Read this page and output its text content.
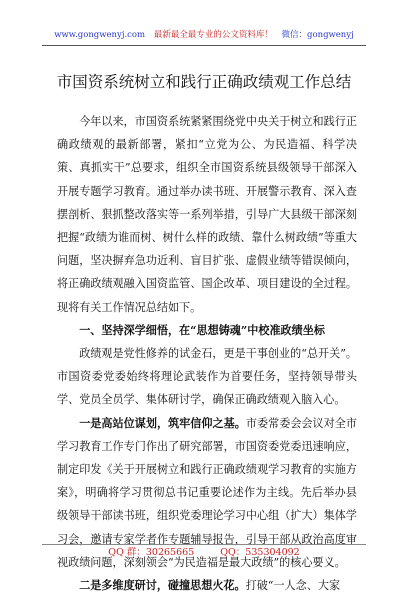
www.gongwenyj.com 最新最全最专业的公文资料库！ 微信：gongwenyj
市国资系统树立和践行正确政绩观工作总结

今年以来，市国资系统紧紧围绕党中央关于树立和践行正确政绩观的最新部署，紧扣“立党为公、为民造福、科学决策、真抓实干”总要求，组织全市国资系统县级领导干部深入开展专题学习教育。通过举办读书班、开展警示教育、深入查摆剖析、狠抓整改落实等一系列举措，引导广大县级干部深刻把握“政绩为谁而树、树什么样的政绩、靠什么树政绩”等重大问题，坚决摒弃急功近利、盲目扩张、虚假业绩等错误倾向，将正确政绩观融入国资监管、国企改革、项目建设的全过程。现将有关工作情况总结如下。

一、坚持深学细悟，在“思想铸魂”中校准政绩坐标

政绩观是党性修养的试金石，更是干事创业的“总开关”。市国资委党委始终将理论武装作为首要任务，坚持领导带头学、党员全员学、集体研讨学，确保正确政绩观入脑入心。

一是高站位谋划，筑牢信仰之基。市委常委会会议对全市学习教育工作专门作出了研究部署，市国资委党委迅速响应，制定印发《关于开展树立和践行正确政绩观学习教育的实施方案》，明确将学习贯彻总书记重要论述作为主线。先后举办县级领导干部读书班，组织党委理论学习中心组（扩大）集体学习会，邀请专家学者作专题辅导报告，引导干部从政治高度审视政绩问题，深刻领会“为民造福是最大政绩”的核心要义。

二是多维度研讨，碰撞思想火花。打破“一人念、大家

QQ 群：30265665	QQ：535304092
